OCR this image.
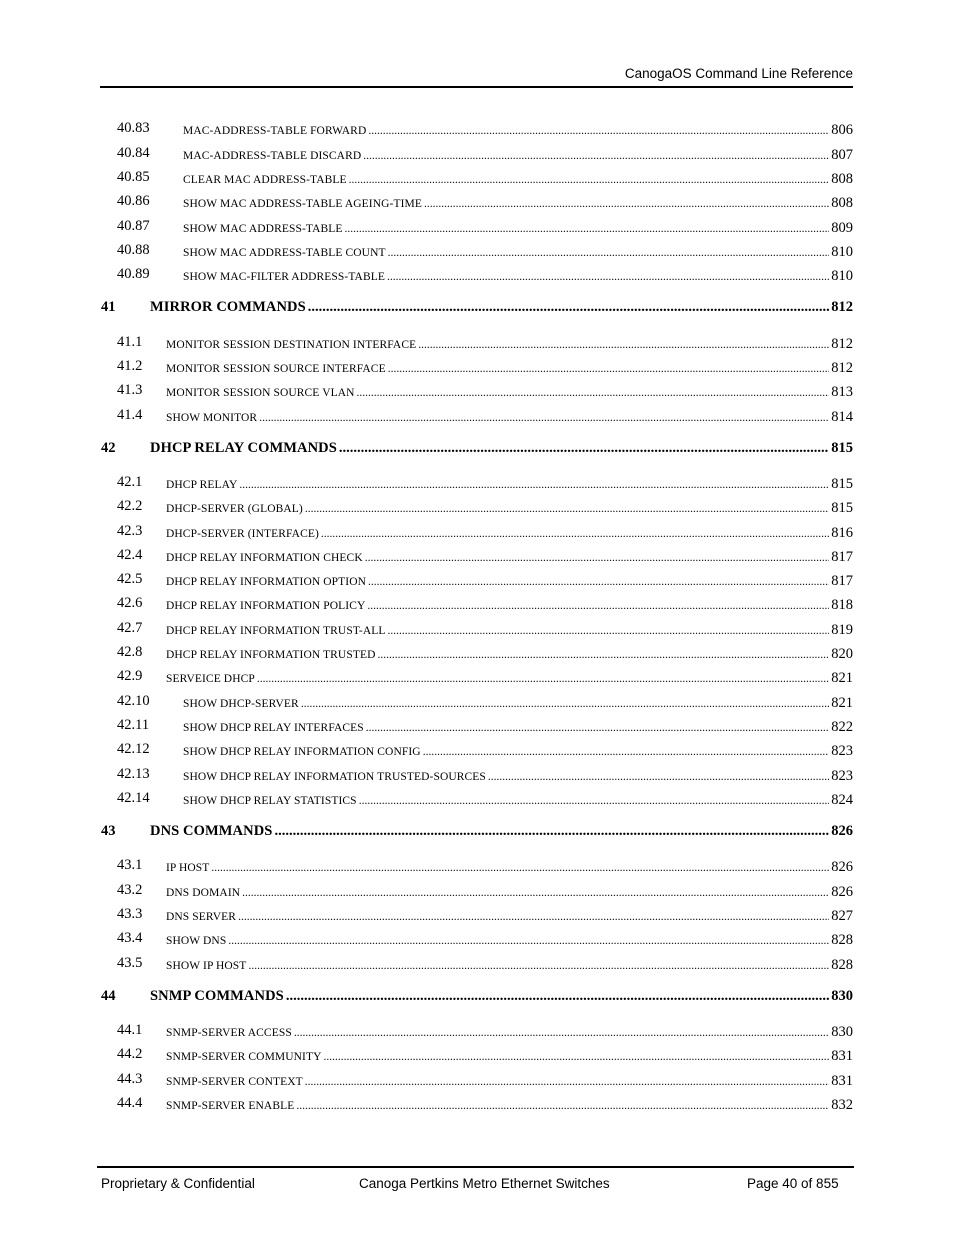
CanogaOS Command Line Reference
40.83	MAC-ADDRESS-TABLE FORWARD .....	806
40.84	MAC-ADDRESS-TABLE DISCARD .....	807
40.85	CLEAR MAC ADDRESS-TABLE .....	808
40.86	SHOW MAC ADDRESS-TABLE AGEING-TIME .....	808
40.87	SHOW MAC ADDRESS-TABLE .....	809
40.88	SHOW MAC ADDRESS-TABLE COUNT .....	810
40.89	SHOW MAC-FILTER ADDRESS-TABLE .....	810
41 MIRROR COMMANDS .....	812
41.1 MONITOR SESSION DESTINATION INTERFACE .....	812
41.2 MONITOR SESSION SOURCE INTERFACE .....	812
41.3 MONITOR SESSION SOURCE VLAN .....	813
41.4 SHOW MONITOR .....	814
42 DHCP RELAY COMMANDS .....	815
42.1 DHCP RELAY .....	815
42.2 DHCP-SERVER (GLOBAL) .....	815
42.3 DHCP-SERVER (INTERFACE) .....	816
42.4 DHCP RELAY INFORMATION CHECK .....	817
42.5 DHCP RELAY INFORMATION OPTION .....	817
42.6 DHCP RELAY INFORMATION POLICY .....	818
42.7 DHCP RELAY INFORMATION TRUST-ALL .....	819
42.8 DHCP RELAY INFORMATION TRUSTED .....	820
42.9 SERVEICE DHCP .....	821
42.10	SHOW DHCP-SERVER .....	821
42.11	SHOW DHCP RELAY INTERFACES .....	822
42.12	SHOW DHCP RELAY INFORMATION CONFIG .....	823
42.13	SHOW DHCP RELAY INFORMATION TRUSTED-SOURCES .....	823
42.14	SHOW DHCP RELAY STATISTICS .....	824
43 DNS COMMANDS .....	826
43.1 IP HOST .....	826
43.2 DNS DOMAIN .....	826
43.3 DNS SERVER .....	827
43.4 SHOW DNS .....	828
43.5 SHOW IP HOST .....	828
44 SNMP COMMANDS .....	830
44.1 SNMP-SERVER ACCESS .....	830
44.2 SNMP-SERVER COMMUNITY .....	831
44.3 SNMP-SERVER CONTEXT .....	831
44.4 SNMP-SERVER ENABLE .....	832
Proprietary & Confidential	Canoga Pertkins Metro Ethernet Switches	Page 40 of 855
